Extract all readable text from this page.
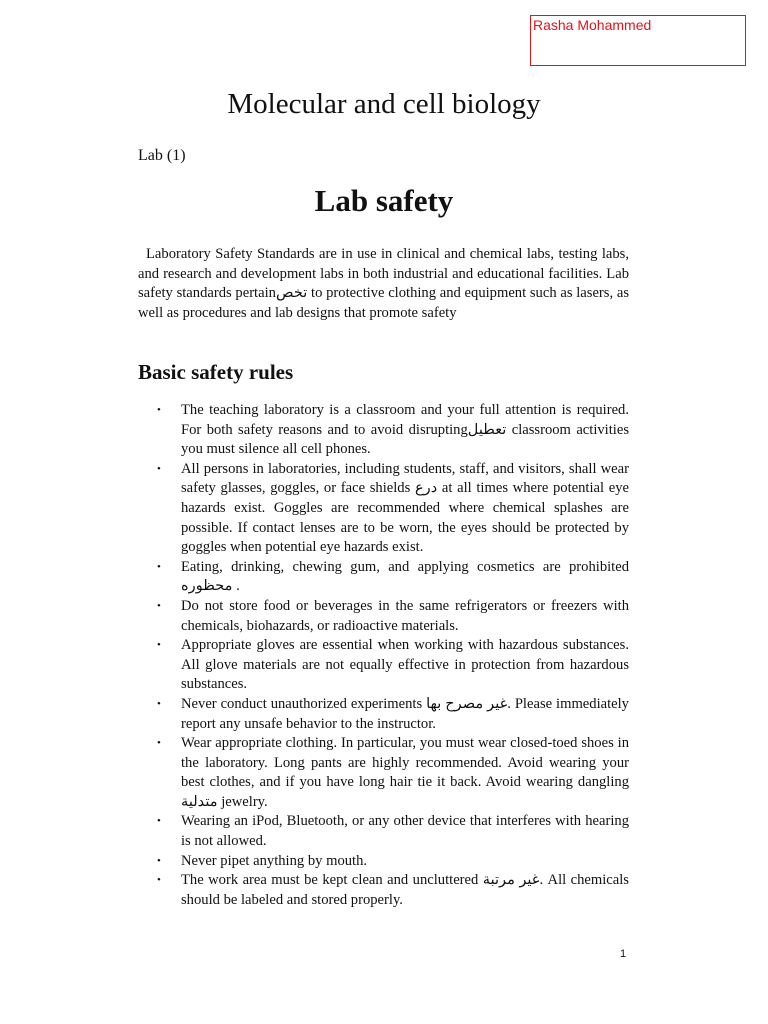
Rasha Mohammed
Molecular and cell biology

Lab (1)

Lab safety

Laboratory Safety Standards are in use in clinical and chemical labs, testing labs, and research and development labs in both industrial and educational facilities. Lab safety standards pertainتخص to protective clothing and equipment such as lasers, as well as procedures and lab designs that promote safety

Basic safety rules
• The teaching laboratory is a classroom and your full attention is required. For both safety reasons and to avoid disruptingتعطيل classroom activities you must silence all cell phones.
• All persons in laboratories, including students, staff, and visitors, shall wear safety glasses, goggles, or face shields درع at all times where potential eye hazards exist. Goggles are recommended where chemical splashes are possible. If contact lenses are to be worn, the eyes should be protected by goggles when potential eye hazards exist.
• Eating, drinking, chewing gum, and applying cosmetics are prohibited محظوره .
• Do not store food or beverages in the same refrigerators or freezers with chemicals, biohazards, or radioactive materials.
• Appropriate gloves are essential when working with hazardous substances. All glove materials are not equally effective in protection from hazardous substances.
• Never conduct unauthorized experiments غير مصرح بها. Please immediately report any unsafe behavior to the instructor.
• Wear appropriate clothing. In particular, you must wear closed-toed shoes in the laboratory. Long pants are highly recommended. Avoid wearing your best clothes, and if you have long hair tie it back. Avoid wearing dangling متدلية jewelry.
• Wearing an iPod, Bluetooth, or any other device that interferes with hearing is not allowed.
• Never pipet anything by mouth.
• The work area must be kept clean and uncluttered غير مرتبة. All chemicals should be labeled and stored properly.

1
